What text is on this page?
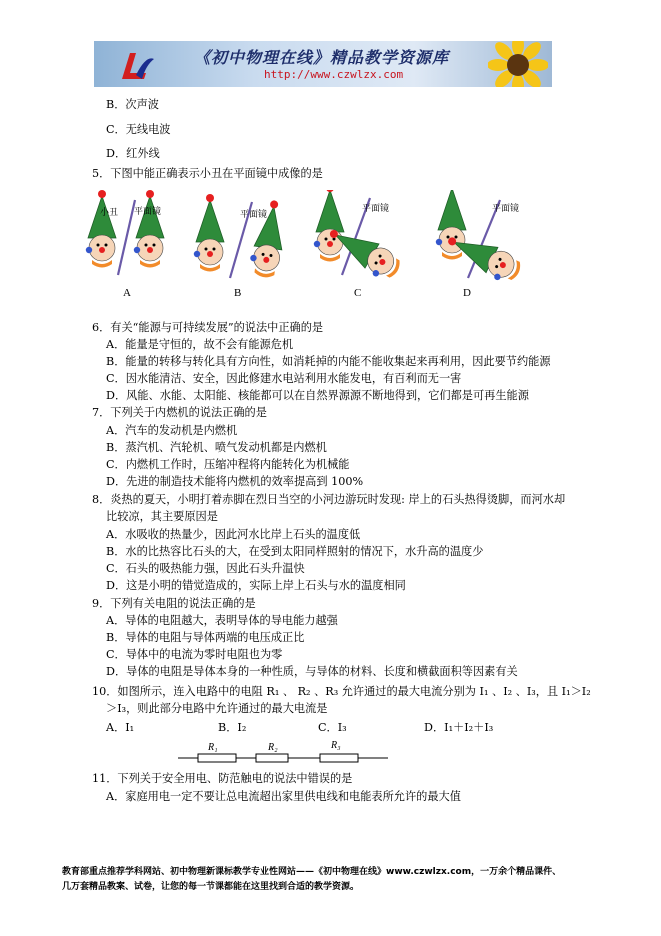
《初中物理在线》精品教学资源库
http://www.czwlzx.com
B．次声波
C．无线电波
D．红外线
5．下图中能正确表示小丑在平面镜中成像的是
6．有关“能源与可持续发展”的说法中正确的是
A．能量是守恒的，故不会有能源危机
B．能量的转移与转化具有方向性，如消耗掉的内能不能收集起来再利用，因此要节约能源
C．因水能清洁、安全，因此修建水电站利用水能发电，有百利而无一害
D．风能、水能、太阳能、核能都可以在自然界源源不断地得到，它们都是可再生能源
7．下列关于内燃机的说法正确的是
A．汽车的发动机是内燃机
B．蒸汽机、汽轮机、喷气发动机都是内燃机
C．内燃机工作时，压缩冲程将内能转化为机械能
D．先进的制造技术能将内燃机的效率提高到 100%
8．炎热的夏天，小明打着赤脚在烈日当空的小河边游玩时发现: 岸上的石头热得烫脚，而河水却
比较凉，其主要原因是
A．水吸收的热量少，因此河水比岸上石头的温度低
B．水的比热容比石头的大，在受到太阳同样照射的情况下，水升高的温度少
C．石头的吸热能力强，因此石头升温快
D．这是小明的错觉造成的，实际上岸上石头与水的温度相同
9．下列有关电阻的说法正确的是
A．导体的电阻越大，表明导体的导电能力越强
B．导体的电阻与导体两端的电压成正比
C．导体中的电流为零时电阻也为零
D．导体的电阻是导体本身的一种性质，与导体的材料、长度和横截面积等因素有关
10．如图所示，连入电路中的电阻 R₁ 、 R₂ 、R₃ 允许通过的最大电流分别为 I₁ 、I₂ 、I₃，且 I₁＞I₂
＞I₃，则此部分电路中允许通过的最大电流是
11．下列关于安全用电、防范触电的说法中错误的是
A．家庭用电一定不要让总电流超出家里供电线和电能表所允许的最大值
小丑 平面镜	平面镜
平面镜	平面镜
A	B	C	D
A．I₁	B．I₂	C．I₃	D．I₁＋I₂＋I₃
R₁	R₂	R₃
教育部重点推荐学科网站、初中物理新课标教学专业性网站——《初中物理在线》www.czwlzx.com，一万余个精品课件、
几万套精品教案、试卷，让您的每一节课都能在这里找到合适的教学资源。
